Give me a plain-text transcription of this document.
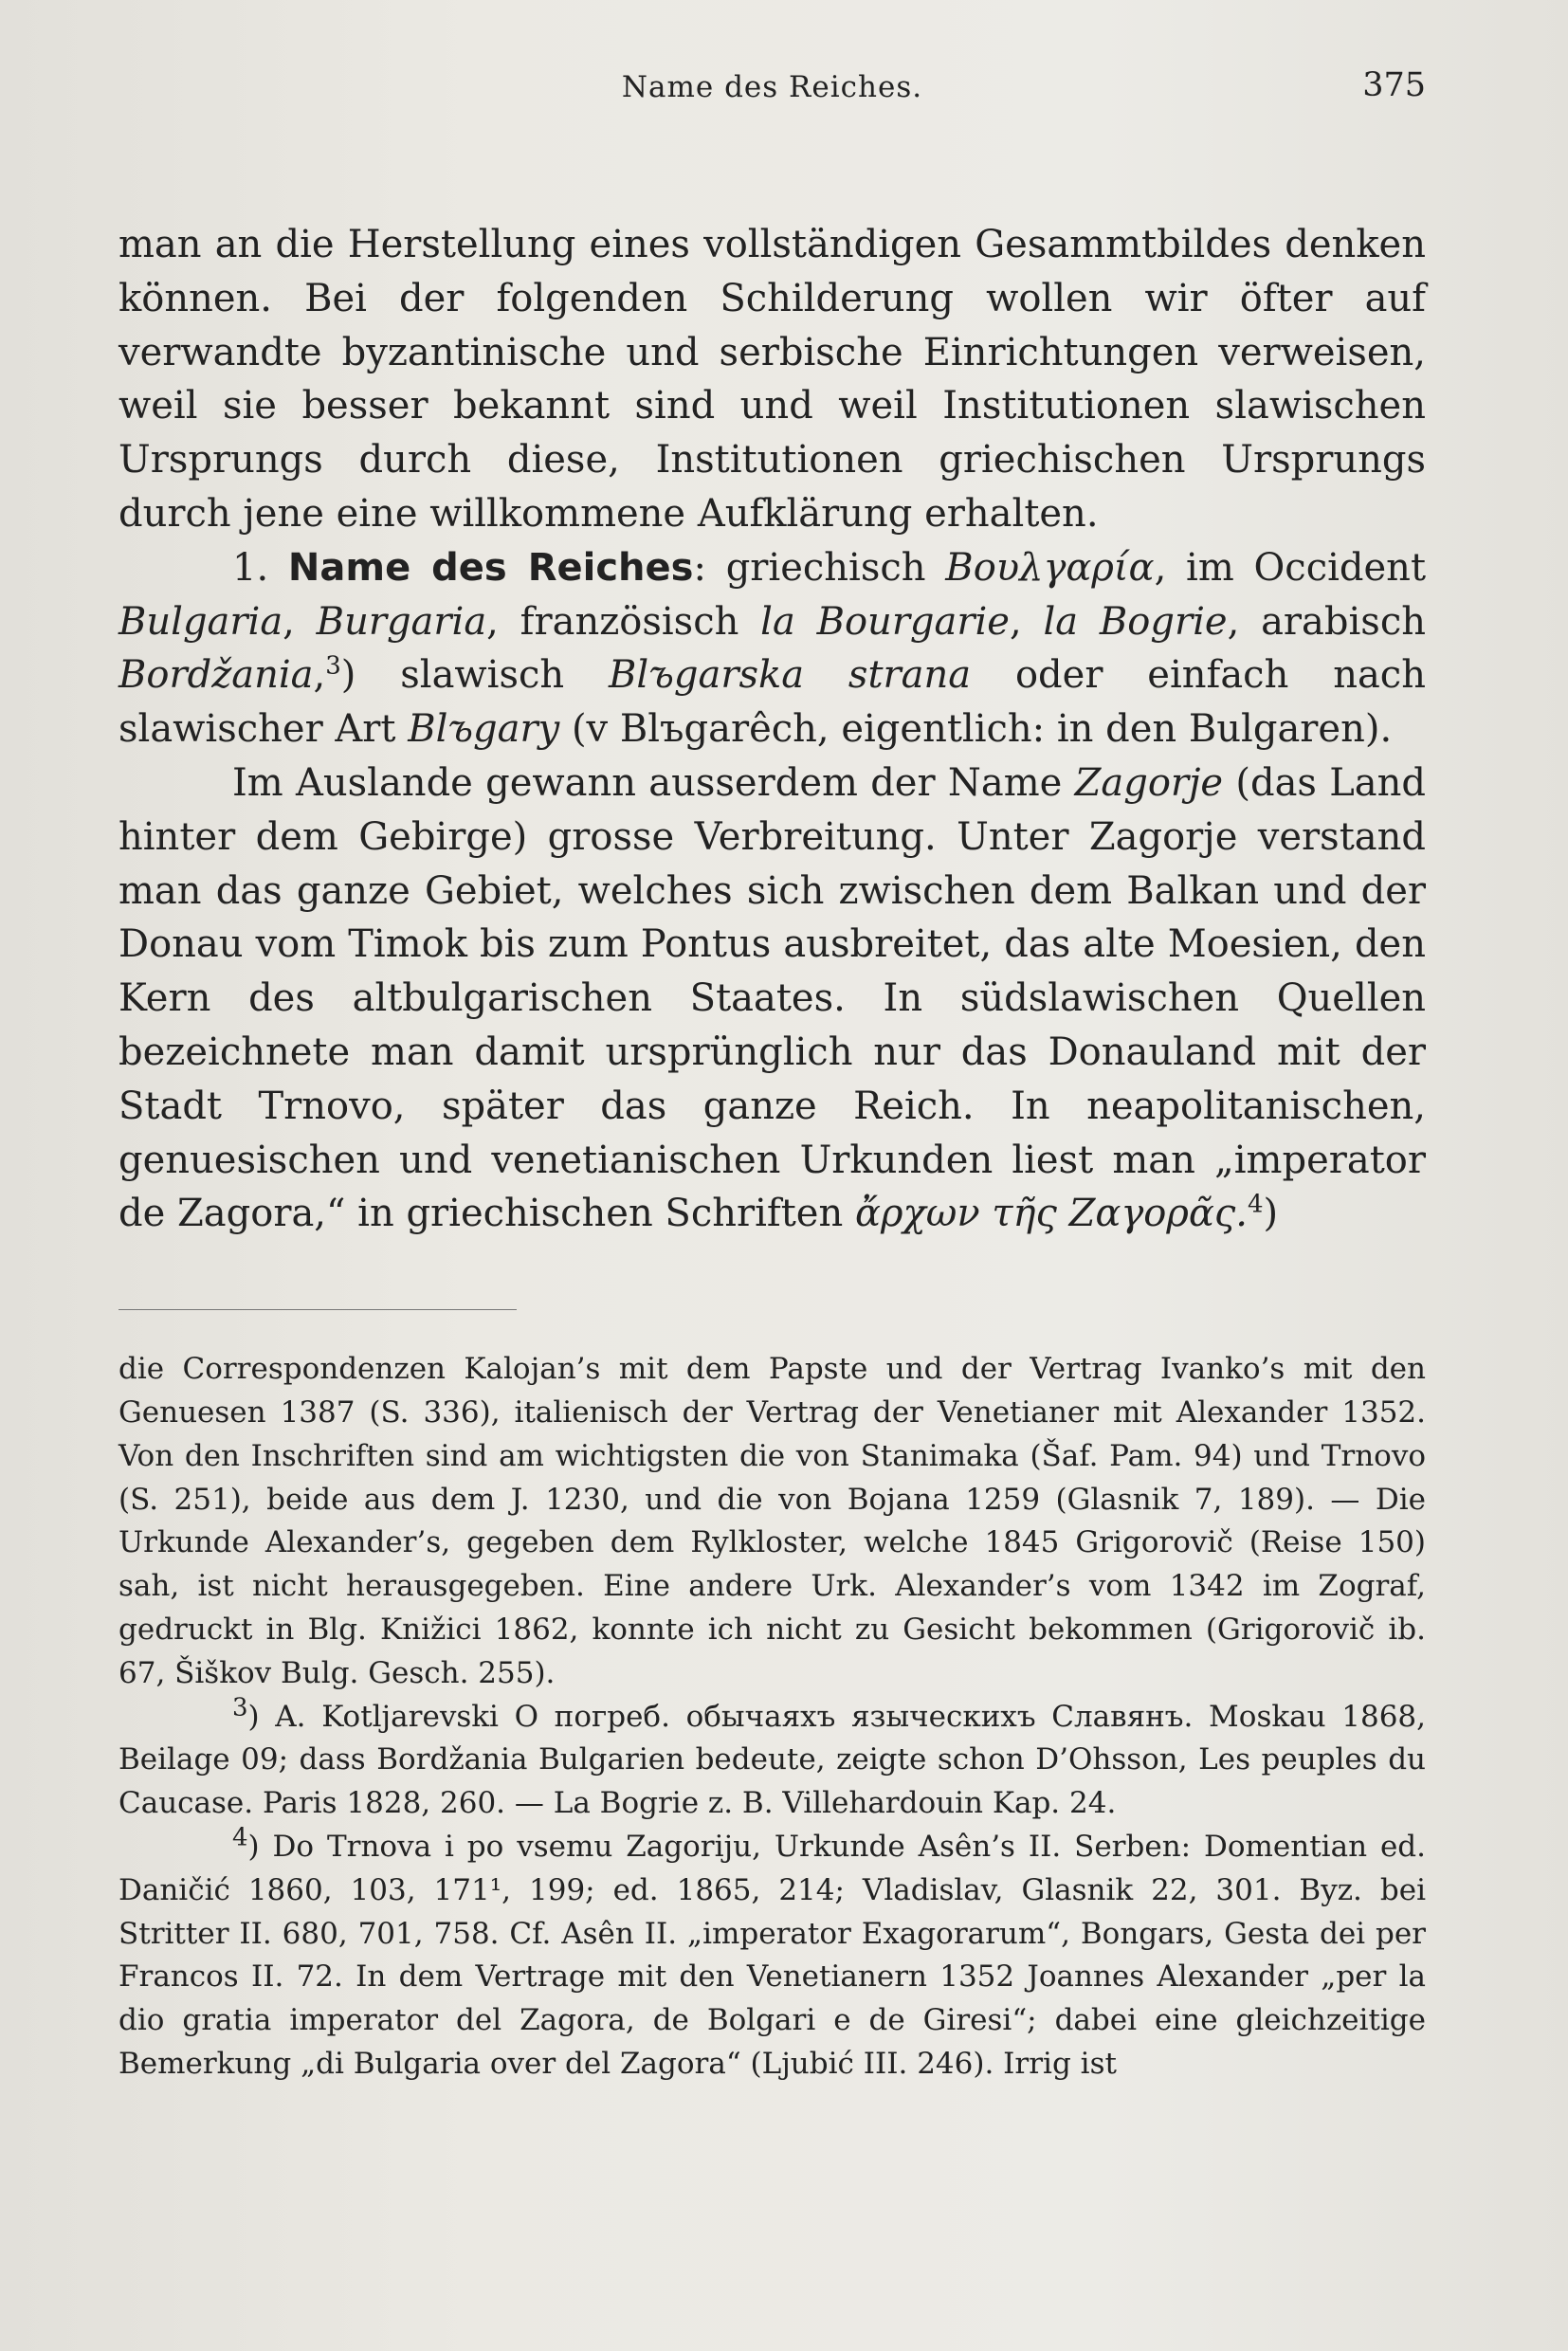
Name des Reiches.	375

man an die Herstellung eines vollständigen Gesammtbildes denken können. Bei der folgenden Schilderung wollen wir öfter auf verwandte byzantinische und serbische Einrichtungen verweisen, weil sie besser bekannt sind und weil Institutionen slawischen Ursprungs durch diese, Institutionen griechischen Ursprungs durch jene eine willkommene Aufklärung erhalten.

1. Name des Reiches: griechisch Βουλγαρία, im Occident Bulgaria, Burgaria, französisch la Bourgarie, la Bogrie, arabisch Bordžania,$^3$) slawisch Blъgarska strana oder einfach nach slawischer Art Blъgary (v Blъgarêch, eigentlich: in den Bulgaren).

Im Auslande gewann ausserdem der Name Zagorje (das Land hinter dem Gebirge) grosse Verbreitung. Unter Zagorje verstand man das ganze Gebiet, welches sich zwischen dem Balkan und der Donau vom Timok bis zum Pontus ausbreitet, das alte Moesien, den Kern des altbulgarischen Staates. In südslawischen Quellen bezeichnete man damit ursprünglich nur das Donauland mit der Stadt Trnovo, später das ganze Reich. In neapolitanischen, genuesischen und venetianischen Urkunden liest man „imperator de Zagora,“ in griechischen Schriften ἄρχων τῆς Ζαγορᾶς.$^4$)

die Correspondenzen Kalojan’s mit dem Papste und der Vertrag Ivanko’s mit den Genuesen 1387 (S. 336), italienisch der Vertrag der Venetianer mit Alexander 1352. Von den Inschriften sind am wichtigsten die von Stanimaka (Šaf. Pam. 94) und Trnovo (S. 251), beide aus dem J. 1230, und die von Bojana 1259 (Glasnik 7, 189). — Die Urkunde Alexander’s, gegeben dem Rylkloster, welche 1845 Grigorovič (Reise 150) sah, ist nicht herausgegeben. Eine andere Urk. Alexander’s vom 1342 im Zograf, gedruckt in Blg. Knižici 1862, konnte ich nicht zu Gesicht bekommen (Grigorovič ib. 67, Šiškov Bulg. Gesch. 255).

$^3$) A. Kotljarevski O погреб. обычаяхъ языческихъ Славянъ. Moskau 1868, Beilage 09; dass Bordžania Bulgarien bedeute, zeigte schon D’Ohsson, Les peuples du Caucase. Paris 1828, 260. — La Bogrie z. B. Villehardouin Kap. 24.

$^4$) Do Trnova i po vsemu Zagoriju, Urkunde Asên’s II. Serben: Domentian ed. Daničić 1860, 103, 171¹, 199; ed. 1865, 214; Vladislav, Glasnik 22, 301. Byz. bei Stritter II. 680, 701, 758. Cf. Asên II. „imperator Exagorarum“, Bongars, Gesta dei per Francos II. 72. In dem Vertrage mit den Venetianern 1352 Joannes Alexander „per la dio gratia imperator del Zagora, de Bolgari e de Giresi“; dabei eine gleichzeitige Bemerkung „di Bulgaria over del Zagora“ (Ljubić III. 246). Irrig ist
